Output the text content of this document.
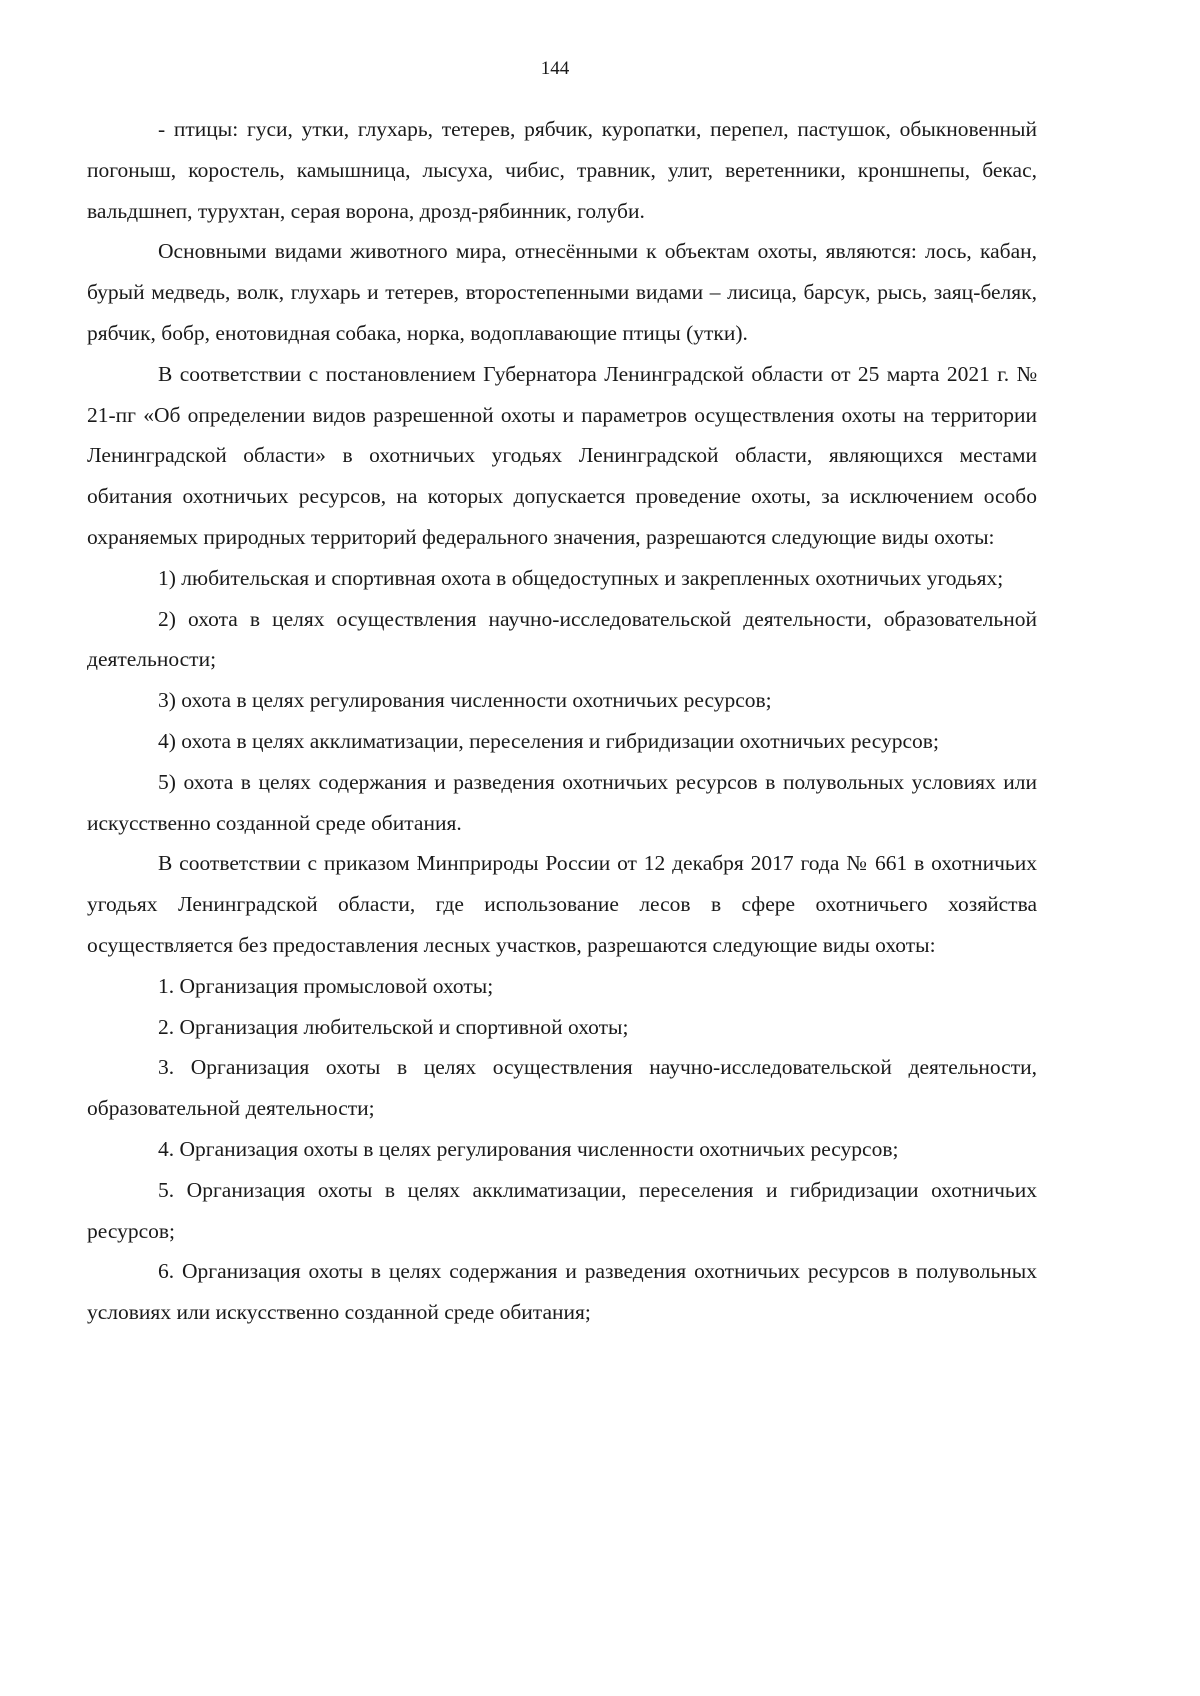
144

- птицы: гуси, утки, глухарь, тетерев, рябчик, куропатки, перепел, пастушок, обыкновенный погоныш, коростель, камышница, лысуха, чибис, травник, улит, веретенники, кроншнепы, бекас, вальдшнеп, турухтан, серая ворона, дрозд-рябинник, голуби.

Основными видами животного мира, отнесёнными к объектам охоты, являются: лось, кабан, бурый медведь, волк, глухарь и тетерев, второстепенными видами – лисица, барсук, рысь, заяц-беляк, рябчик, бобр, енотовидная собака, норка, водоплавающие птицы (утки).

В соответствии с постановлением Губернатора Ленинградской области от 25 марта 2021 г. № 21-пг «Об определении видов разрешенной охоты и параметров осуществления охоты на территории Ленинградской области» в охотничьих угодьях Ленинградской области, являющихся местами обитания охотничьих ресурсов, на которых допускается проведение охоты, за исключением особо охраняемых природных территорий федерального значения, разрешаются следующие виды охоты:

1) любительская и спортивная охота в общедоступных и закрепленных охотничьих угодьях;

2) охота в целях осуществления научно-исследовательской деятельности, образовательной деятельности;

3) охота в целях регулирования численности охотничьих ресурсов;

4) охота в целях акклиматизации, переселения и гибридизации охотничьих ресурсов;

5) охота в целях содержания и разведения охотничьих ресурсов в полувольных условиях или искусственно созданной среде обитания.

В соответствии с приказом Минприроды России от 12 декабря 2017 года № 661 в охотничьих угодьях Ленинградской области, где использование лесов в сфере охотничьего хозяйства осуществляется без предоставления лесных участков, разрешаются следующие виды охоты:

1. Организация промысловой охоты;

2. Организация любительской и спортивной охоты;

3. Организация охоты в целях осуществления научно-исследовательской деятельности, образовательной деятельности;

4. Организация охоты в целях регулирования численности охотничьих ресурсов;

5. Организация охоты в целях акклиматизации, переселения и гибридизации охотничьих ресурсов;

6. Организация охоты в целях содержания и разведения охотничьих ресурсов в полувольных условиях или искусственно созданной среде обитания;
